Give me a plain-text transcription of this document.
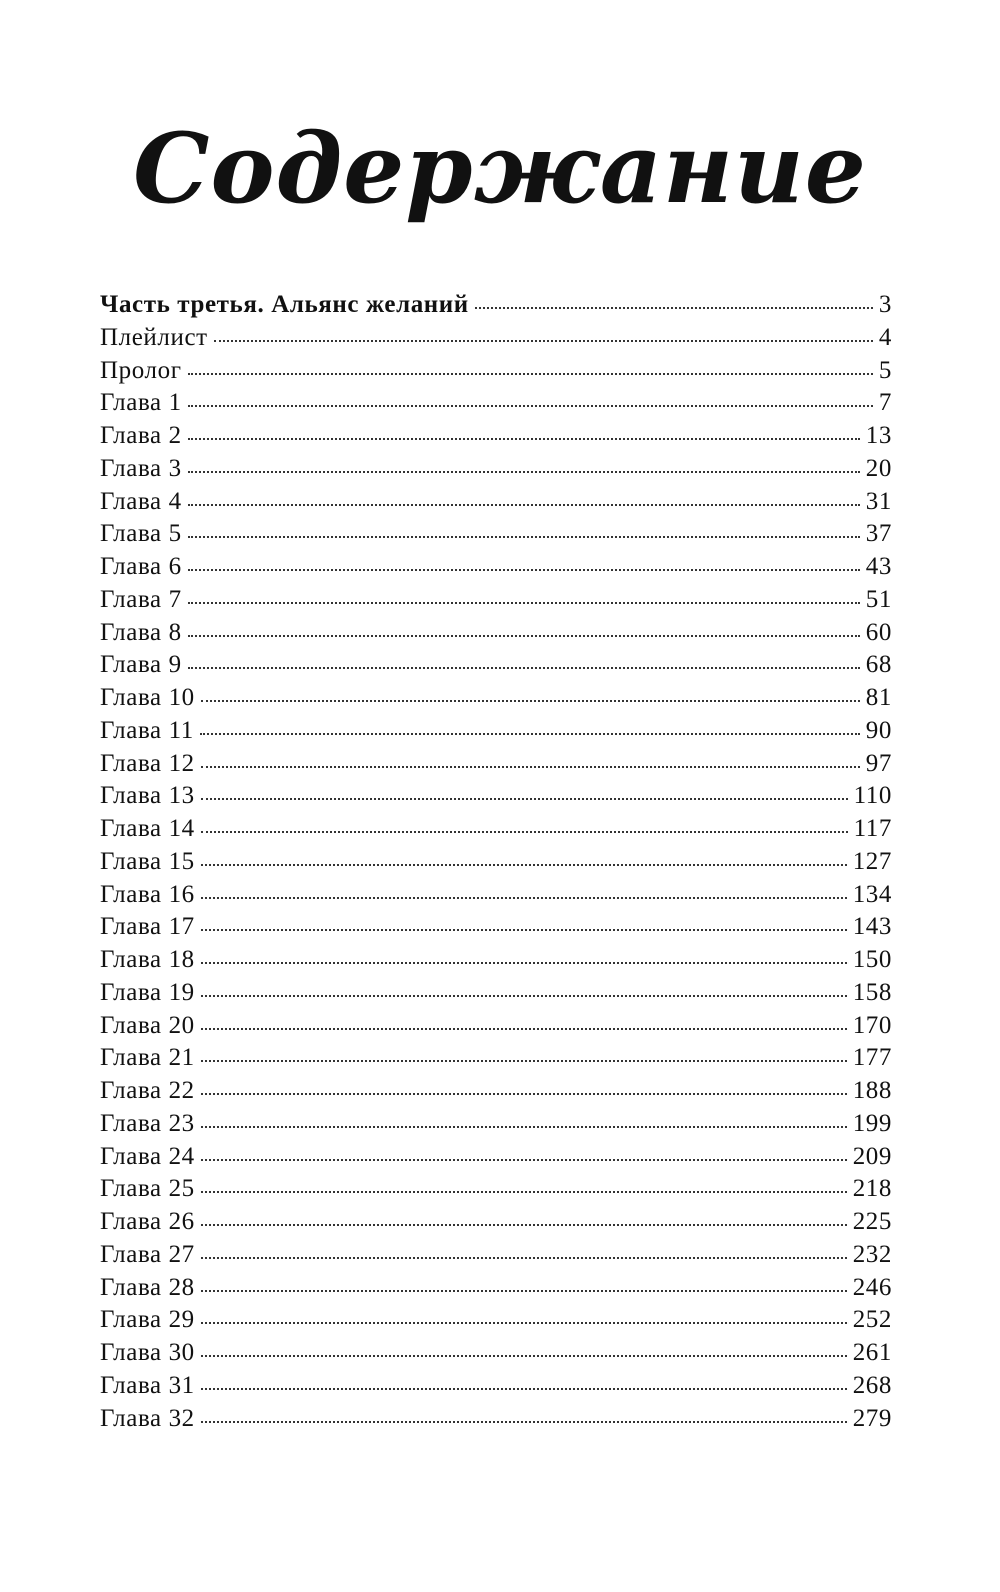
Содержание
Часть третья. Альянс желаний	3
Плейлист	4
Пролог	5
Глава 1	7
Глава 2	13
Глава 3	20
Глава 4	31
Глава 5	37
Глава 6	43
Глава 7	51
Глава 8	60
Глава 9	68
Глава 10	81
Глава 11	90
Глава 12	97
Глава 13	110
Глава 14	117
Глава 15	127
Глава 16	134
Глава 17	143
Глава 18	150
Глава 19	158
Глава 20	170
Глава 21	177
Глава 22	188
Глава 23	199
Глава 24	209
Глава 25	218
Глава 26	225
Глава 27	232
Глава 28	246
Глава 29	252
Глава 30	261
Глава 31	268
Глава 32	279
